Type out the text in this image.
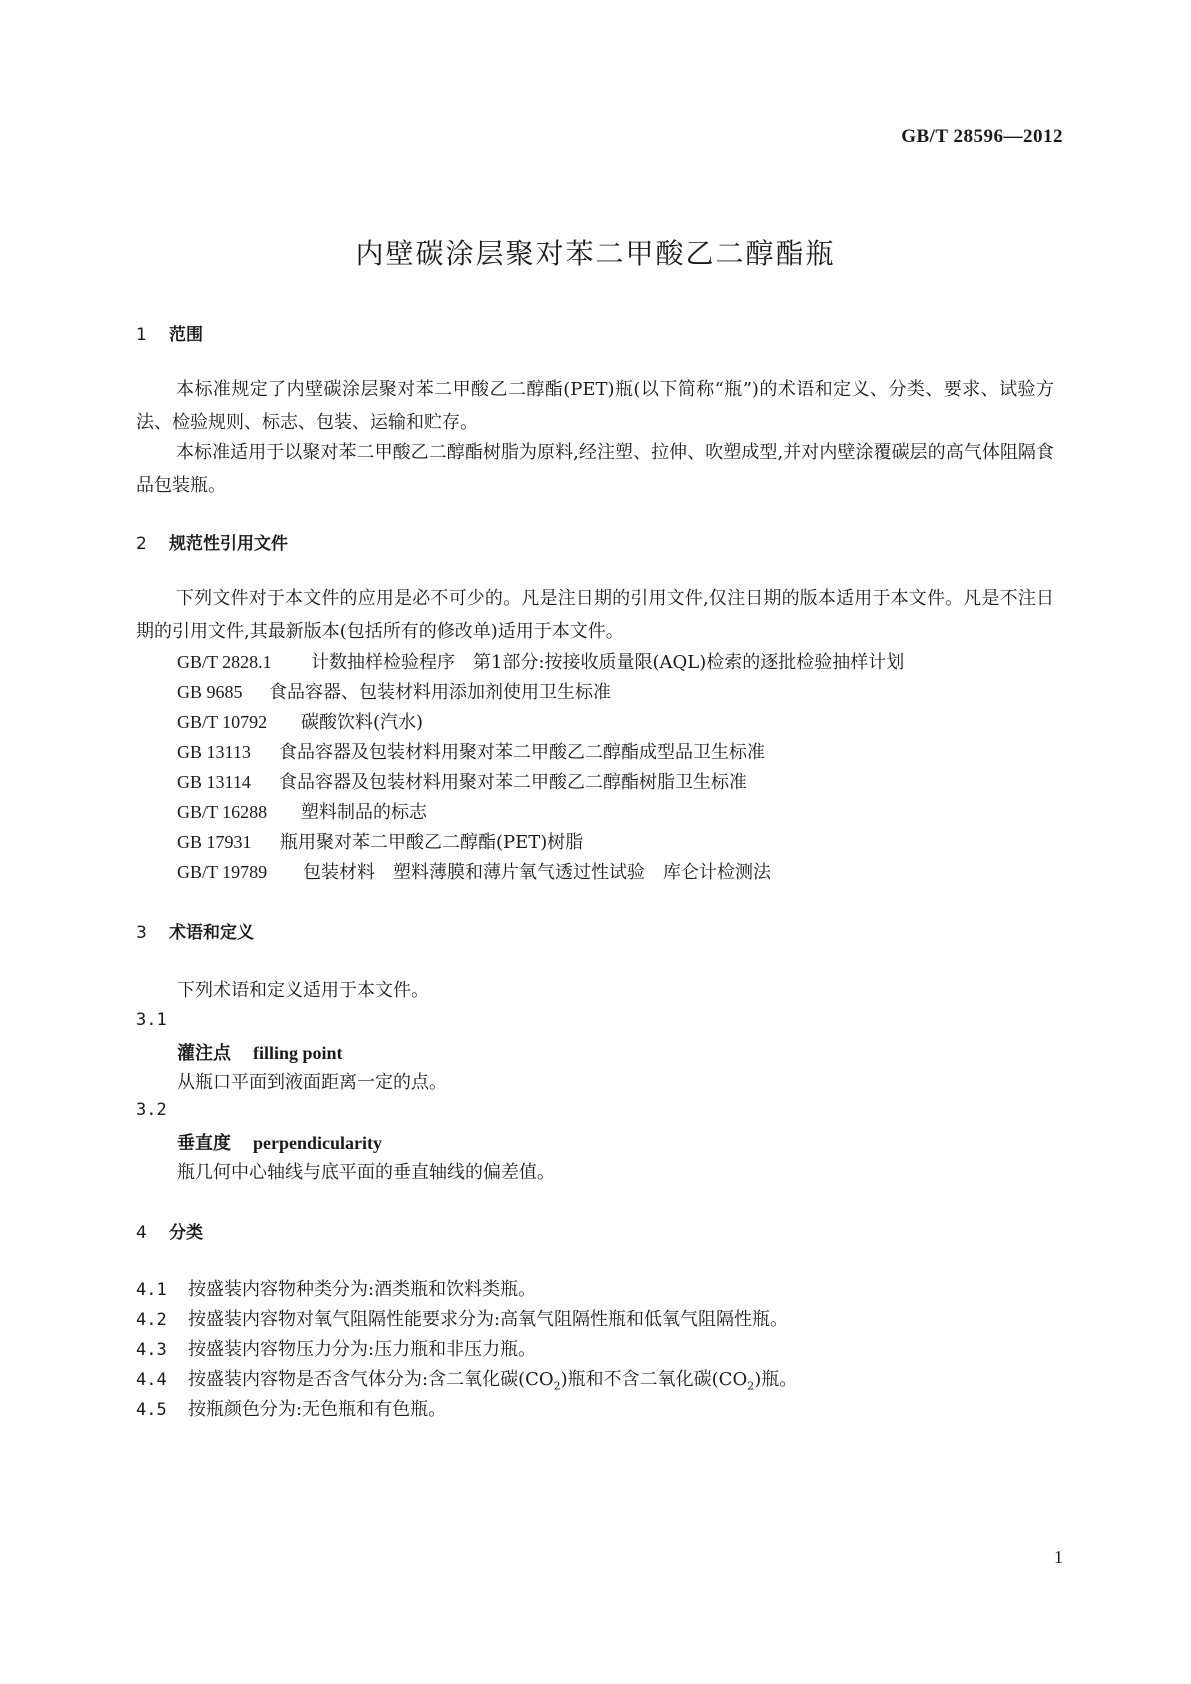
GB/T 28596—2012
内壁碳涂层聚对苯二甲酸乙二醇酯瓶
1 范围
本标准规定了内壁碳涂层聚对苯二甲酸乙二醇酯(PET)瓶(以下简称“瓶”)的术语和定义、分类、要求、试验方法、检验规则、标志、包装、运输和贮存。
本标准适用于以聚对苯二甲酸乙二醇酯树脂为原料,经注塑、拉伸、吹塑成型,并对内壁涂覆碳层的高气体阻隔食品包装瓶。
2 规范性引用文件
下列文件对于本文件的应用是必不可少的。凡是注日期的引用文件,仅注日期的版本适用于本文件。凡是不注日期的引用文件,其最新版本(包括所有的修改单)适用于本文件。
GB/T 2828.1 计数抽样检验程序　第1部分:按接收质量限(AQL)检索的逐批检验抽样计划
GB 9685 食品容器、包装材料用添加剂使用卫生标准
GB/T 10792 碳酸饮料(汽水)
GB 13113 食品容器及包装材料用聚对苯二甲酸乙二醇酯成型品卫生标准
GB 13114 食品容器及包装材料用聚对苯二甲酸乙二醇酯树脂卫生标准
GB/T 16288 塑料制品的标志
GB 17931 瓶用聚对苯二甲酸乙二醇酯(PET)树脂
GB/T 19789 包装材料　塑料薄膜和薄片氧气透过性试验　库仑计检测法
3 术语和定义
下列术语和定义适用于本文件。
3.1
灌注点 filling point
从瓶口平面到液面距离一定的点。
3.2
垂直度 perpendicularity
瓶几何中心轴线与底平面的垂直轴线的偏差值。
4 分类
4.1 按盛装内容物种类分为:酒类瓶和饮料类瓶。
4.2 按盛装内容物对氧气阻隔性能要求分为:高氧气阻隔性瓶和低氧气阻隔性瓶。
4.3 按盛装内容物压力分为:压力瓶和非压力瓶。
4.4 按盛装内容物是否含气体分为:含二氧化碳$(CO_2)$瓶和不含二氧化碳$(CO_2)$瓶。
4.5 按瓶颜色分为:无色瓶和有色瓶。
1
